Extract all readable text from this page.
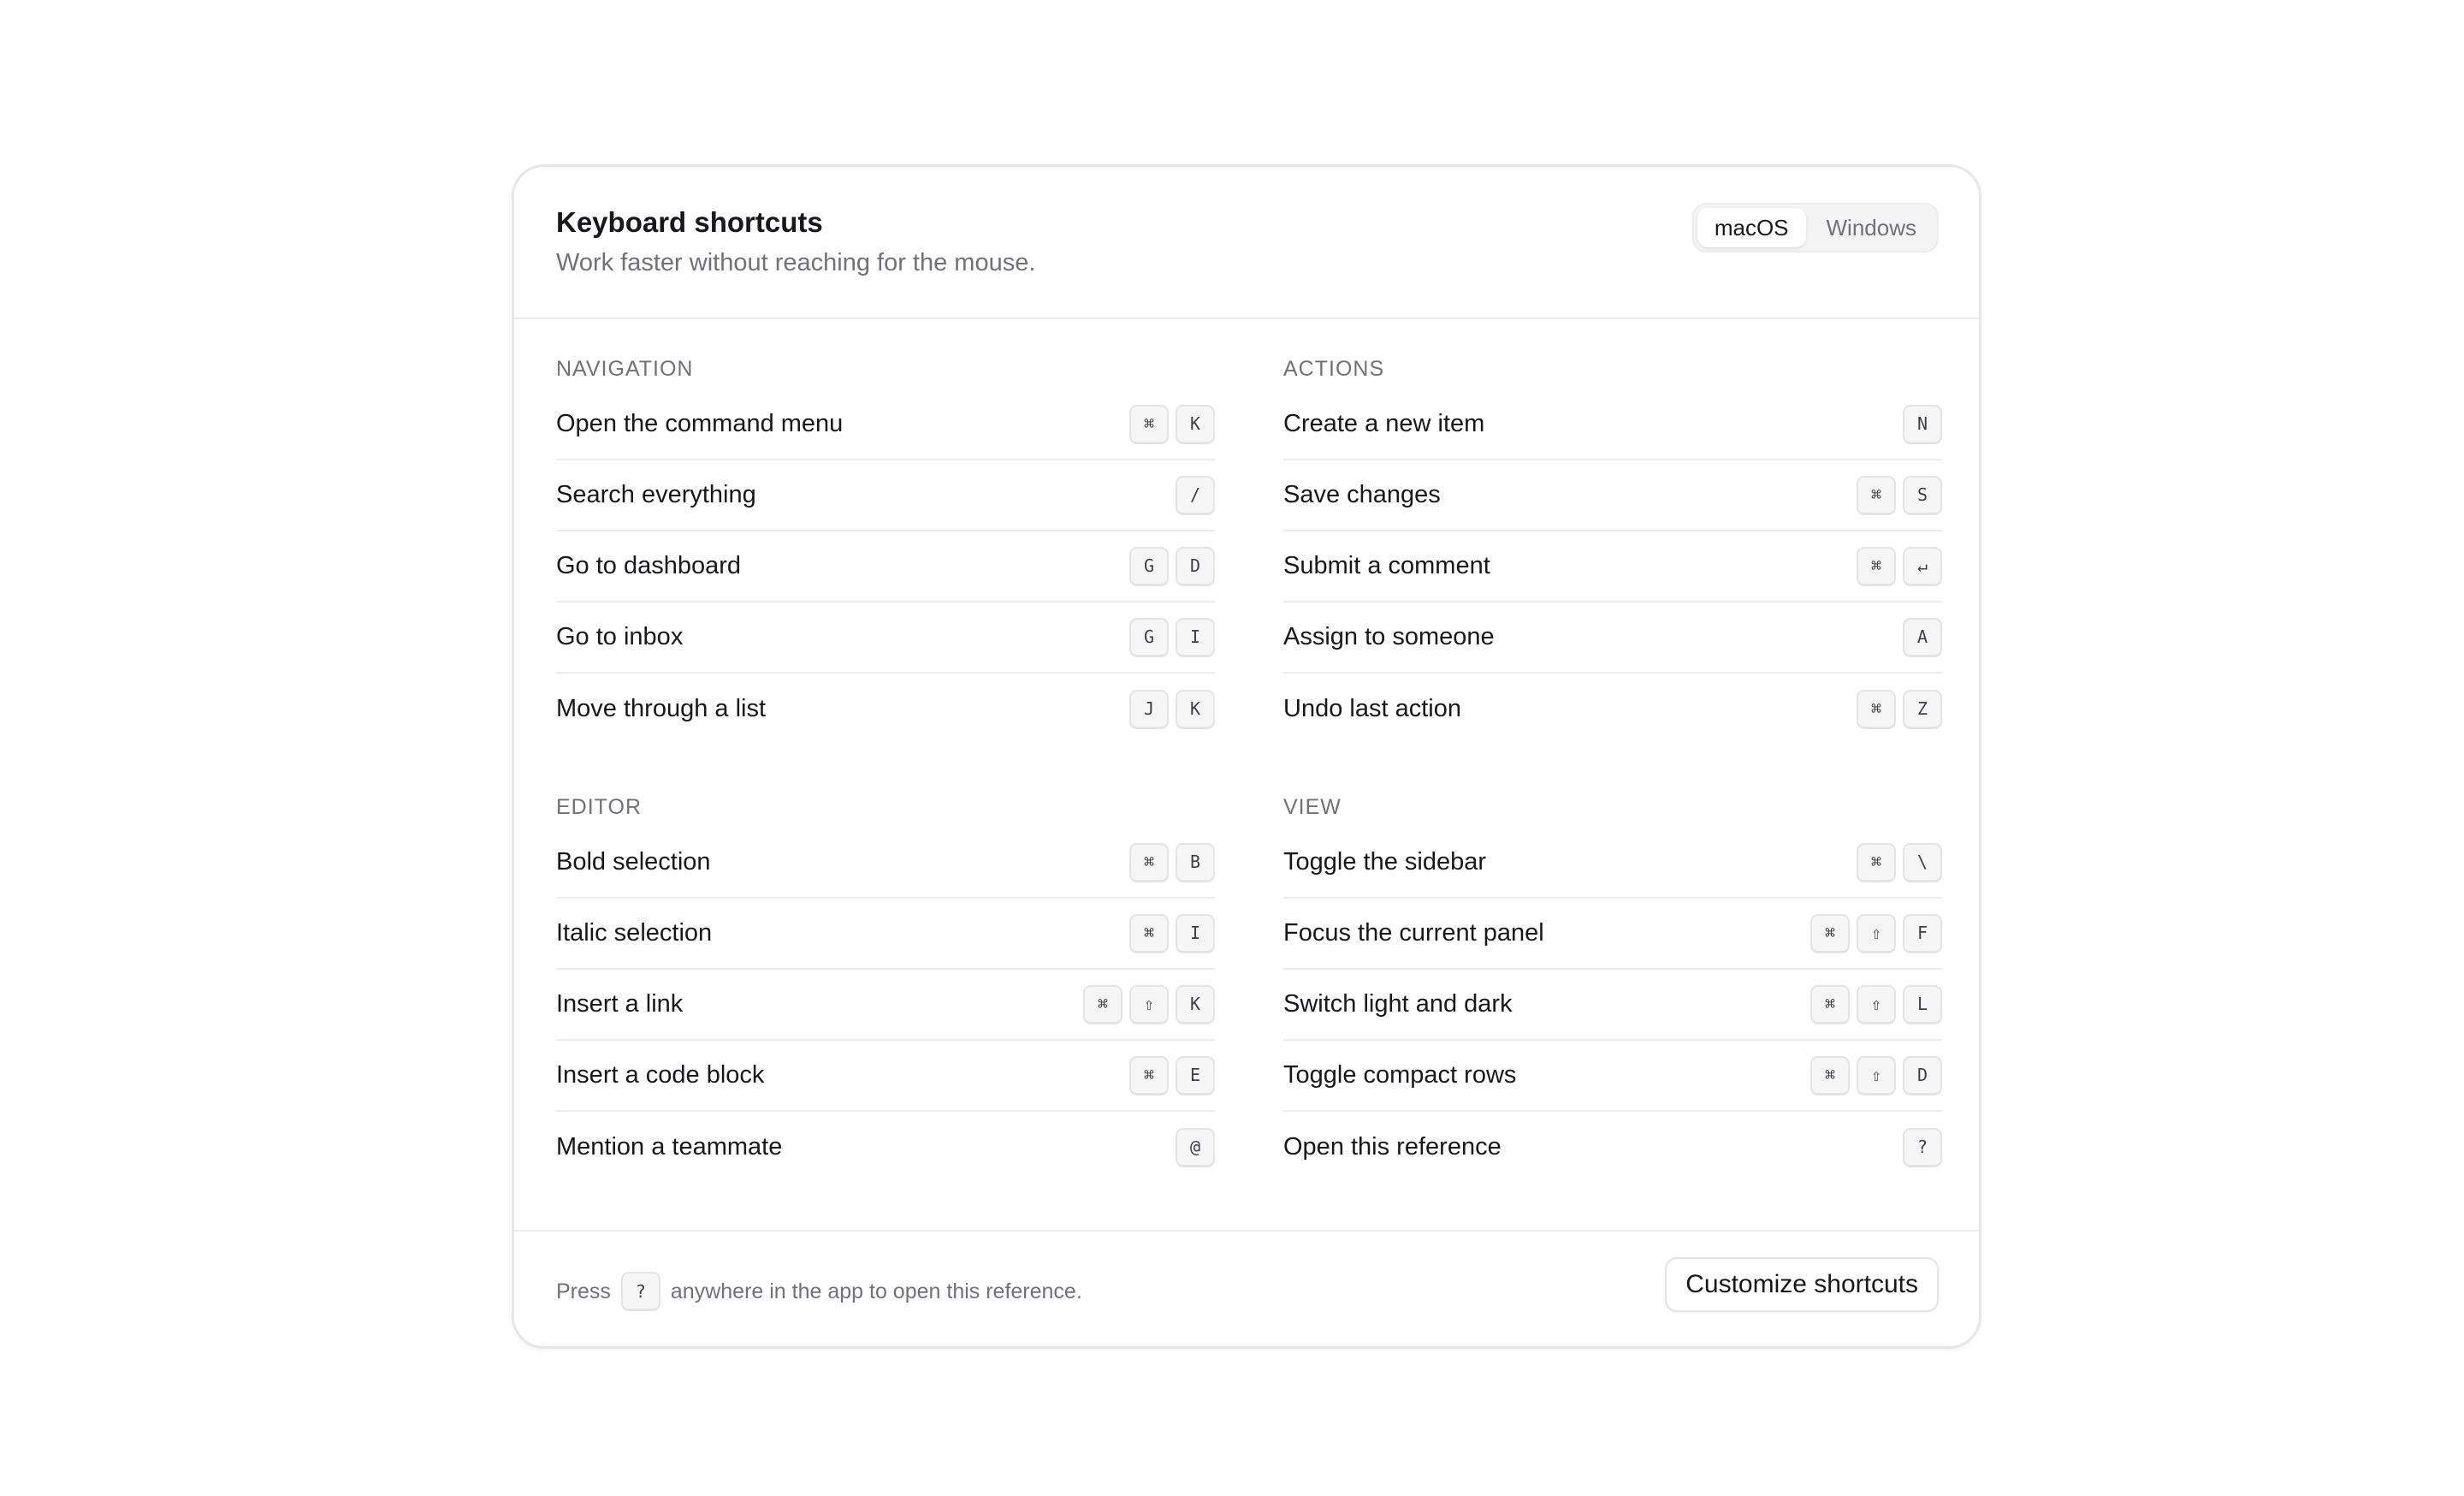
Keyboard shortcuts
Work faster without reaching for the mouse.
macOS	Windows
NAVIGATION
Open the command menu	⌘	K
Search everything	/
Go to dashboard	G	D
Go to inbox	G	I
Move through a list	J	K
ACTIONS
Create a new item	N
Save changes	⌘	S
Submit a comment	⌘	↵
Assign to someone	A
Undo last action	⌘	Z
EDITOR
Bold selection	⌘	B
Italic selection	⌘	I
Insert a link	⌘	⇧	K
Insert a code block	⌘	E
Mention a teammate	@
VIEW
Toggle the sidebar	⌘	\
Focus the current panel	⌘	⇧	F
Switch light and dark	⌘	⇧	L
Toggle compact rows	⌘	⇧	D
Open this reference	?
Press	?	anywhere in the app to open this reference.	Customize shortcuts
